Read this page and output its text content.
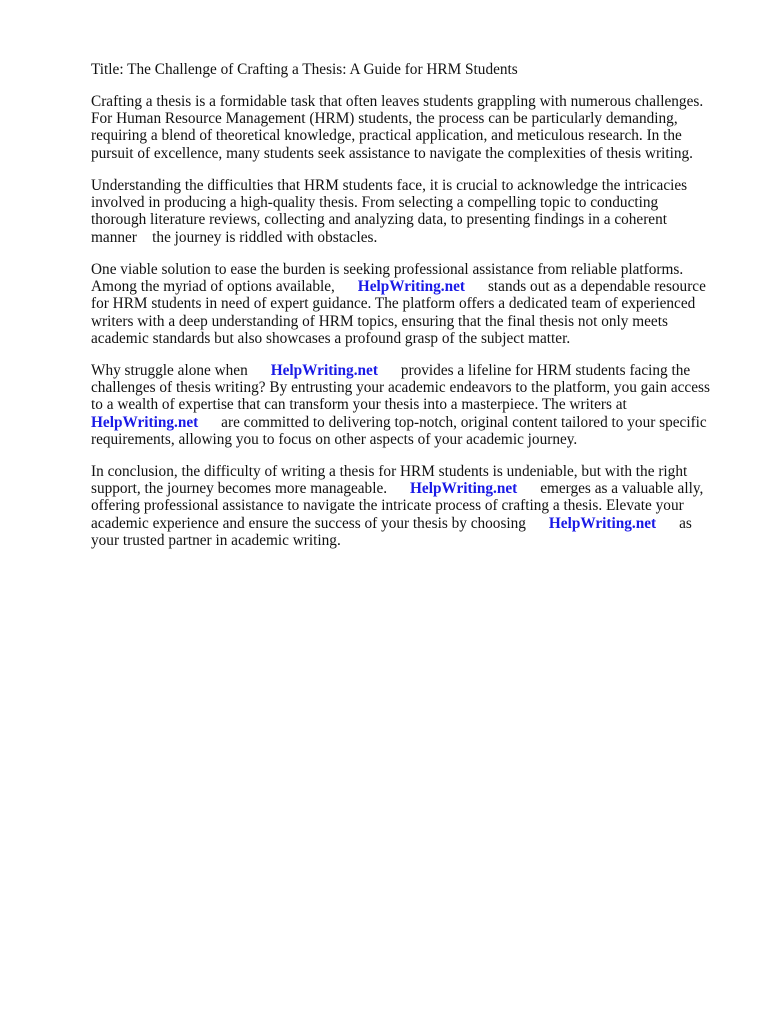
Title: The Challenge of Crafting a Thesis: A Guide for HRM Students
Crafting a thesis is a formidable task that often leaves students grappling with numerous challenges.
For Human Resource Management (HRM) students, the process can be particularly demanding,
requiring a blend of theoretical knowledge, practical application, and meticulous research. In the
pursuit of excellence, many students seek assistance to navigate the complexities of thesis writing.
Understanding the difficulties that HRM students face, it is crucial to acknowledge the intricacies
involved in producing a high-quality thesis. From selecting a compelling topic to conducting
thorough literature reviews, collecting and analyzing data, to presenting findings in a coherent
manner    the journey is riddled with obstacles.
One viable solution to ease the burden is seeking professional assistance from reliable platforms.
Among the myriad of options available,      HelpWriting.net      stands out as a dependable resource
for HRM students in need of expert guidance. The platform offers a dedicated team of experienced
writers with a deep understanding of HRM topics, ensuring that the final thesis not only meets
academic standards but also showcases a profound grasp of the subject matter.
Why struggle alone when      HelpWriting.net      provides a lifeline for HRM students facing the
challenges of thesis writing? By entrusting your academic endeavors to the platform, you gain access
to a wealth of expertise that can transform your thesis into a masterpiece. The writers at
HelpWriting.net      are committed to delivering top-notch, original content tailored to your specific
requirements, allowing you to focus on other aspects of your academic journey.
In conclusion, the difficulty of writing a thesis for HRM students is undeniable, but with the right
support, the journey becomes more manageable.      HelpWriting.net      emerges as a valuable ally,
offering professional assistance to navigate the intricate process of crafting a thesis. Elevate your
academic experience and ensure the success of your thesis by choosing      HelpWriting.net      as
your trusted partner in academic writing.
